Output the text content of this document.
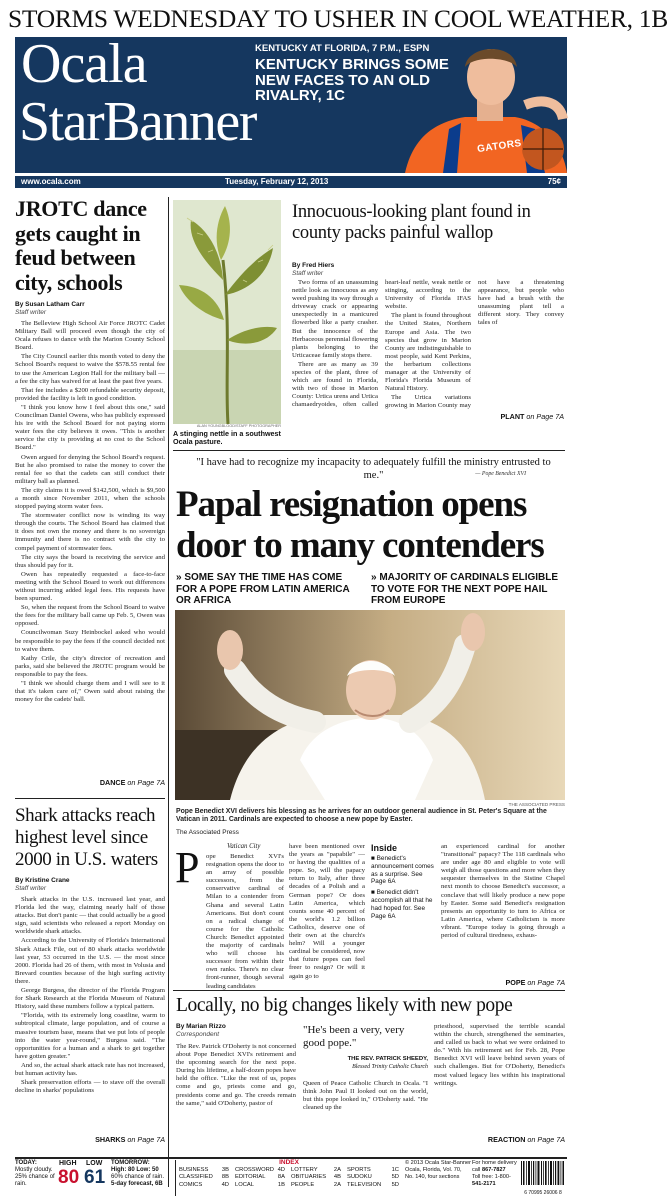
STORMS WEDNESDAY TO USHER IN COOL WEATHER, 1B
Ocala
StarBanner
KENTUCKY AT FLORIDA, 7 P.M., ESPN
KENTUCKY BRINGS SOME NEW FACES TO AN OLD RIVALRY, 1C
GATORS
www.ocala.com	Tuesday, February 12, 2013	75¢
JROTC dance gets caught in feud between city, schools
By Susan Latham Carr
Staff writer

The Belleview High School Air Force JROTC Cadet Military Ball will proceed even though the city of Ocala refuses to dance with the Marion County School Board.

The City Council earlier this month voted to deny the School Board's request to waive the $578.55 rental fee to use the American Legion Hall for the military ball — a fee the city has waived for at least the past five years.

That fee includes a $200 refundable security deposit, provided the facility is left in good condition.

"I think you know how I feel about this one," said Councilman Daniel Owens, who has publicly expressed his ire with the School Board for not paying storm water fees the city believes it owes. "This is another service the city is providing at no cost to the School Board."

Owen argued for denying the School Board's request. But he also promised to raise the money to cover the rental fee so that the cadets can still conduct their military ball as planned.

The city claims it is owed $142,500, which is $9,500 a month since November 2011, when the schools stopped paying storm water fees.

The stormwater conflict now is winding its way through the courts. The School Board has claimed that it does not own the money and there is no sovereign immunity and there is no contract with the city to compel payment of stormwater fees.

The city says the board is receiving the service and thus should pay for it.

Owen has repeatedly requested a face-to-face meeting with the School Board to work out differences without incurring added legal fees. His requests have been spurned.

So, when the request from the School Board to waive the fees for the military ball came up Feb. 5, Owen was opposed.

Councilwoman Suzy Heinbockel asked who would be responsible to pay the fees if the council decided not to waive them.

Kathy Crile, the city's director of recreation and parks, said she believed the JROTC program would be responsible to pay the fees.

"I think we should charge them and I will see to it that it's taken care of," Owen said about raising the money for the cadets' ball.

DANCE on Page 7A
Shark attacks reach highest level since 2000 in U.S. waters
By Kristine Crane
Staff writer

Shark attacks in the U.S. increased last year, and Florida led the way, claiming nearly half of those attacks. But don't panic — that could actually be a good sign, said scientists who released a report Monday on worldwide shark attacks.

According to the University of Florida's International Shark Attack File, out of 80 shark attacks worldwide last year, 53 occurred in the U.S. — the most since 2000. Florida had 26 of them, with most in Volusia and Brevard counties because of the high surfing activity there.

George Burgess, the director of the Florida Program for Shark Research at the Florida Museum of Natural History, said these numbers follow a typical pattern.

"Florida, with its extremely long coastline, warm to subtropical climate, large population, and of course a massive tourism base, means that we put lots of people into the water year-round," Burgess said. "The opportunities for a human and a shark to get together have gotten greater."

And so, the actual shark attack rate has not increased, but human activity has.

Shark preservation efforts — to stave off the overall decline in sharks' populations

SHARKS on Page 7A
ALAN YOUNGBLOOD/STAFF PHOTOGRAPHER
A stinging nettle in a southwest Ocala pasture.
Innocuous-looking plant found in county packs painful wallop
By Fred Hiers
Staff writer

Two forms of an unassuming nettle look as innocuous as any weed pushing its way through a driveway crack or appearing unexpectedly in a manicured flowerbed like a party crasher. But the innocence of the Herbaceous perennial flowering plants belonging to the Urticaceae family stops there.

There are as many as 39 species of the plant, three of which are found in Florida, with two of those in Marion County: Urtica urens and Urtica chamaedryoides, often called heart-leaf nettle, weak nettle or stinging, according to the University of Florida IFAS website.

The plant is found throughout the United States, Northern Europe and Asia. The two species that grow in Marion County are indistinguishable to most people, said Kent Perkins, the herbarium collections manager at the University of Florida's Florida Museum of Natural History.

The Urtica variations growing in Marion County may not have a threatening appearance, but people who have had a brush with the unassuming plant tell a different story. They convey tales of

PLANT on Page 7A
"I have had to recognize my incapacity to adequately fulfill the ministry entrusted to me."	— Pope Benedict XVI
Papal resignation opens door to many contenders
» SOME SAY THE TIME HAS COME FOR A POPE FROM LATIN AMERICA OR AFRICA
» MAJORITY OF CARDINALS ELIGIBLE TO VOTE FOR THE NEXT POPE HAIL FROM EUROPE
THE ASSOCIATED PRESS
Pope Benedict XVI delivers his blessing as he arrives for an outdoor general audience in St. Peter's Square at the Vatican in 2011. Cardinals are expected to choose a new pope by Easter.
The Associated Press
Vatican City
P ope Benedict XVI's resignation opens the door to an array of possible successors, from the conservative cardinal of Milan to a contender from Ghana and several Latin Americans. But don't count on a radical change of course for the Catholic Church: Benedict appointed the majority of cardinals who will choose his successor from within their own ranks. There's no clear front-runner, though several leading candidates
have been mentioned over the years as "papabile" — or having the qualities of a pope. So, will the papacy return to Italy, after three decades of a Polish and a German pope? Or does Latin America, which counts some 40 percent of the world's 1.2 billion Catholics, deserve one of their own at the church's helm? Will a younger cardinal be considered, now that future popes can feel freer to resign? Or will it again go to
Inside
■ Benedict's announcement comes as a surprise. See Page 6A
■ Benedict didn't accomplish all that he had hoped for. See Page 6A
an experienced cardinal for another "transitional" papacy? The 118 cardinals who are under age 80 and eligible to vote will weigh all those questions and more when they sequester themselves in the Sistine Chapel next month to choose Benedict's successor, a conclave that will likely produce a new pope by Easter. Some said Benedict's resignation presents an opportunity to turn to Africa or Latin America, where Catholicism is more vibrant. "Europe today is going through a period of cultural tiredness, exhaus-
POPE on Page 7A
Locally, no big changes likely with new pope
By Marian Rizzo
Correspondent
The Rev. Patrick O'Doherty is not concerned about Pope Benedict XVI's retirement and the upcoming search for the next pope. During his lifetime, a half-dozen popes have held the office. "Like the rest of us, popes come and go, priests come and go, presidents come and go. The creeds remain the same," said O'Doherty, pastor of
"He's been a very, very good pope."
THE REV. PATRICK SHEEDY,
Blessed Trinity Catholic Church
Queen of Peace Catholic Church in Ocala. "I think John Paul II looked out on the world, but this pope looked in," O'Doherty said. "He cleaned up the
priesthood, supervised the terrible scandal within the church, strengthened the seminaries, and called us back to what we were ordained to do." With his retirement set for Feb. 28, Pope Benedict XVI will leave behind seven years of such challenges. But for O'Doherty, Benedict's most valued legacy lies within his inspirational writings.
REACTION on Page 7A
TODAY:
Mostly cloudy. 25% chance of rain.
HIGH
80
LOW
61
TOMORROW:
High: 80 Low: 50
60% chance of rain.
5-day forecast, 6B
INDEX
BUSINESS 3B
CLASSIFIED 8B
COMICS	4D
CROSSWORD 4D
EDITORIAL 8A
LOCAL	1B
LOTTERY	2A
OBITUARIES 4B
PEOPLE	2A
SPORTS	1C
SUDOKU	5D
TELEVISION 5D
© 2013 Ocala Star-Banner
Ocala, Florida, Vol. 70, No. 140, four sections
For home delivery call 867-7827
Toll free: 1-800- 541-2171
6 70995 26006 8
